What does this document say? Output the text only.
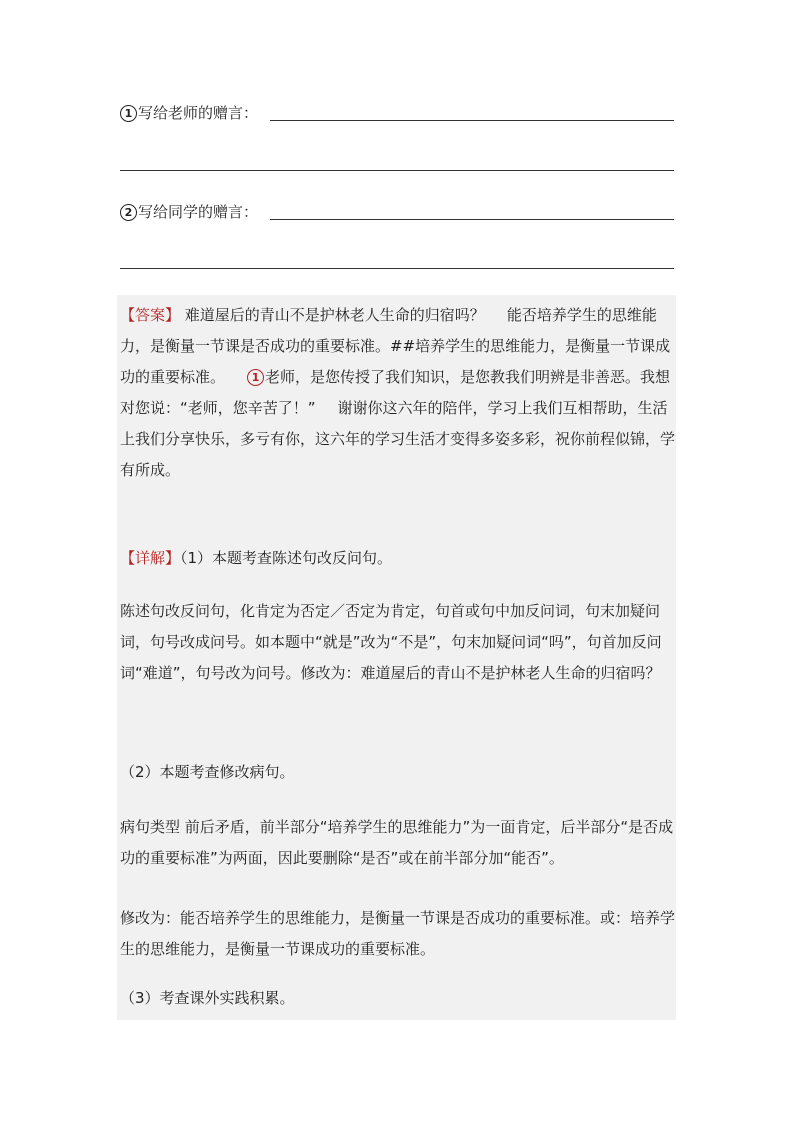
1 写给老师的赠言：
2 写给同学的赠言：
【答案】 难道屋后的青山不是护林老人生命的归宿吗？ 能否培养学生的思维能力，是衡量一节课是否成功的重要标准。##培养学生的思维能力，是衡量一节课成功的重要标准。 1 老师，是您传授了我们知识，是您教我们明辨是非善恶。我想对您说：“老师，您辛苦了！” 谢谢你这六年的陪伴，学习上我们互相帮助，生活上我们分享快乐，多亏有你，这六年的学习生活才变得多姿多彩，祝你前程似锦，学有所成。
【详解】（1）本题考查陈述句改反问句。

陈述句改反问句，化肯定为否定／否定为肯定，句首或句中加反问词，句末加疑问词，句号改成问号。如本题中“就是”改为“不是”，句末加疑问词“吗”，句首加反问词“难道”，句号改为问号。修改为：难道屋后的青山不是护林老人生命的归宿吗？

（2）本题考查修改病句。

病句类型 前后矛盾，前半部分“培养学生的思维能力”为一面肯定，后半部分“是否成功的重要标准”为两面，因此要删除“是否”或在前半部分加“能否”。

修改为：能否培养学生的思维能力，是衡量一节课是否成功的重要标准。或：培养学生的思维能力，是衡量一节课成功的重要标准。

（3）考查课外实践积累。
